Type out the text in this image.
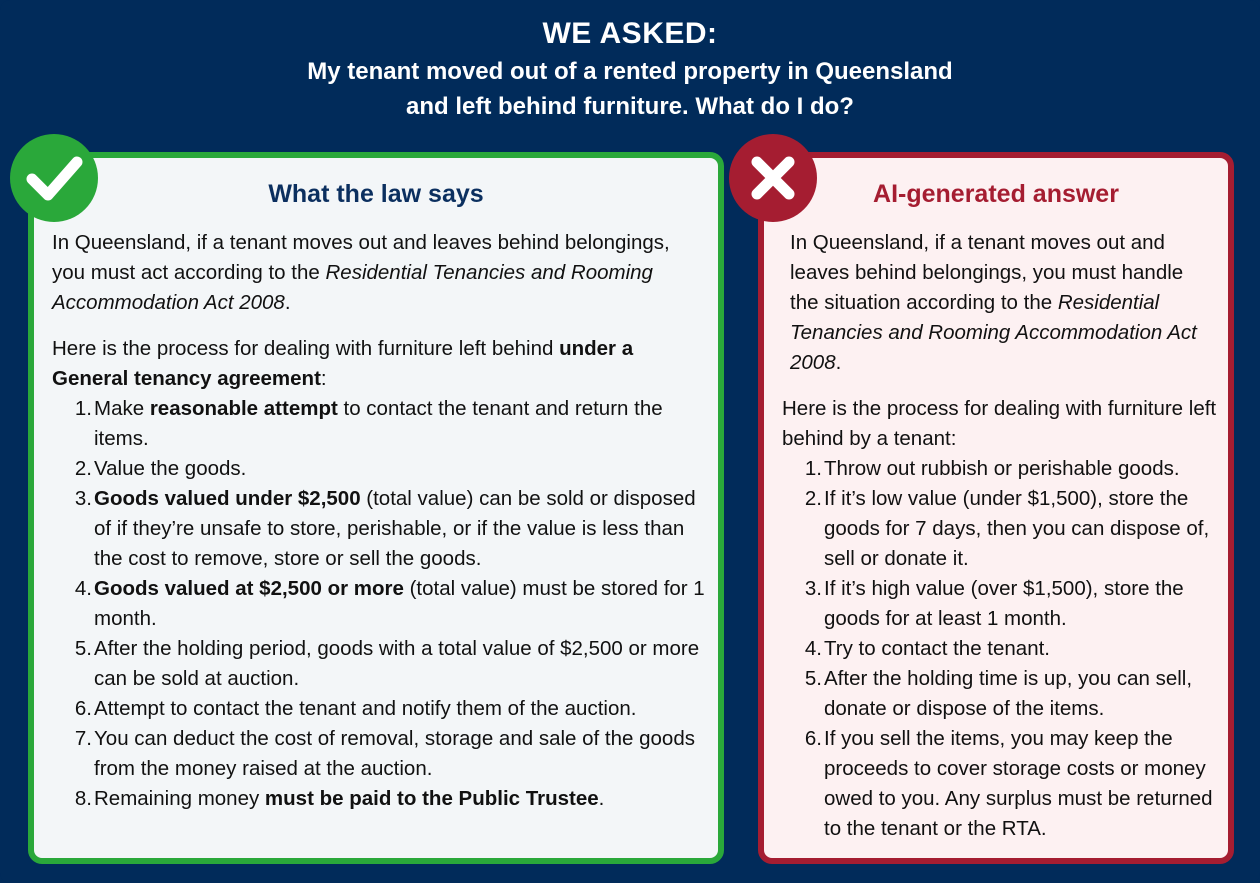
WE ASKED:
My tenant moved out of a rented property in Queensland
and left behind furniture. What do I do?
What the law says

In Queensland, if a tenant moves out and leaves behind belongings, you must act according to the Residential Tenancies and Rooming Accommodation Act 2008.

Here is the process for dealing with furniture left behind under a General tenancy agreement:

1. Make reasonable attempt to contact the tenant and return the items.
2. Value the goods.
3. Goods valued under $2,500 (total value) can be sold or disposed of if they’re unsafe to store, perishable, or if the value is less than the cost to remove, store or sell the goods.
4. Goods valued at $2,500 or more (total value) must be stored for 1 month.
5. After the holding period, goods with a total value of $2,500 or more can be sold at auction.
6. Attempt to contact the tenant and notify them of the auction.
7. You can deduct the cost of removal, storage and sale of the goods from the money raised at the auction.
8. Remaining money must be paid to the Public Trustee.
AI-generated answer

In Queensland, if a tenant moves out and leaves behind belongings, you must handle the situation according to the Residential Tenancies and Rooming Accommodation Act 2008.

Here is the process for dealing with furniture left behind by a tenant:

1. Throw out rubbish or perishable goods.
2. If it’s low value (under $1,500), store the goods for 7 days, then you can dispose of, sell or donate it.
3. If it’s high value (over $1,500), store the goods for at least 1 month.
4. Try to contact the tenant.
5. After the holding time is up, you can sell, donate or dispose of the items.
6. If you sell the items, you may keep the proceeds to cover storage costs or money owed to you. Any surplus must be returned to the tenant or the RTA.
